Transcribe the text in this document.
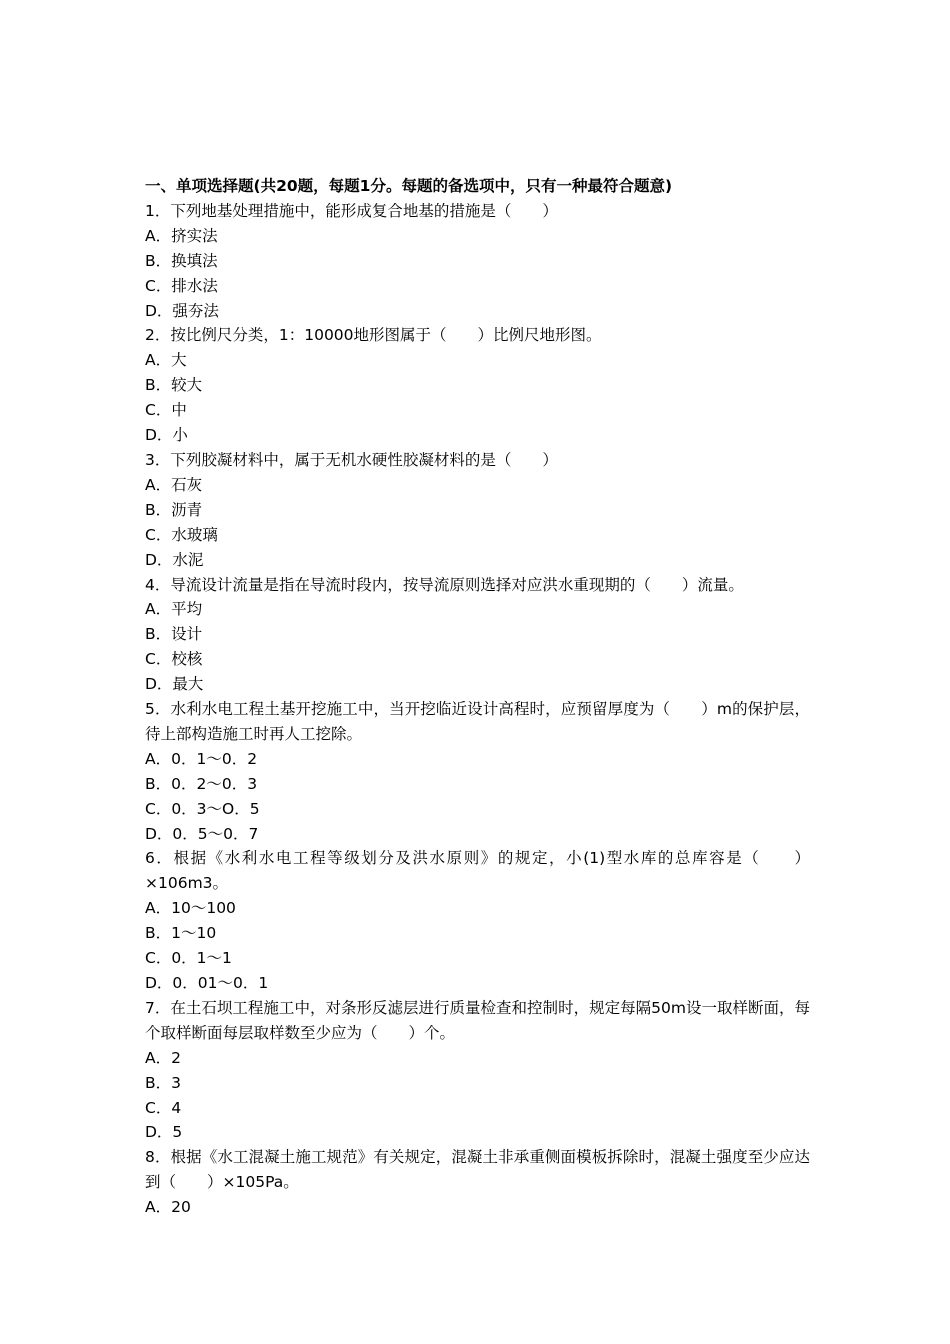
一、单项选择题(共20题，每题1分。每题的备选项中，只有一种最符合题意)
1．下列地基处理措施中，能形成复合地基的措施是（　　）
A．挤实法
B．换填法
C．排水法
D．强夯法
2．按比例尺分类，1：10000地形图属于（　　）比例尺地形图。
A．大
B．较大
C．中
D．小
3．下列胶凝材料中，属于无机水硬性胶凝材料的是（　　）
A．石灰
B．沥青
C．水玻璃
D．水泥
4．导流设计流量是指在导流时段内，按导流原则选择对应洪水重现期的（　　）流量。
A．平均
B．设计
C．校核
D．最大
5．水利水电工程土基开挖施工中，当开挖临近设计高程时，应预留厚度为（　　）m的保护层，待上部构造施工时再人工挖除。
A．0．1～0．2
B．0．2～0．3
C．0．3～O．5
D．0．5～0．7
6．根据《水利水电工程等级划分及洪水原则》的规定，小(1)型水库的总库容是（　　）×106m3。
A．10～100
B．1～10
C．0．1～1
D．0．01～0．1
7．在土石坝工程施工中，对条形反滤层进行质量检查和控制时，规定每隔50m设一取样断面，每个取样断面每层取样数至少应为（　　）个。
A．2
B．3
C．4
D．5
8．根据《水工混凝土施工规范》有关规定，混凝土非承重侧面模板拆除时，混凝土强度至少应达到（　　）×105Pa。
A．20
